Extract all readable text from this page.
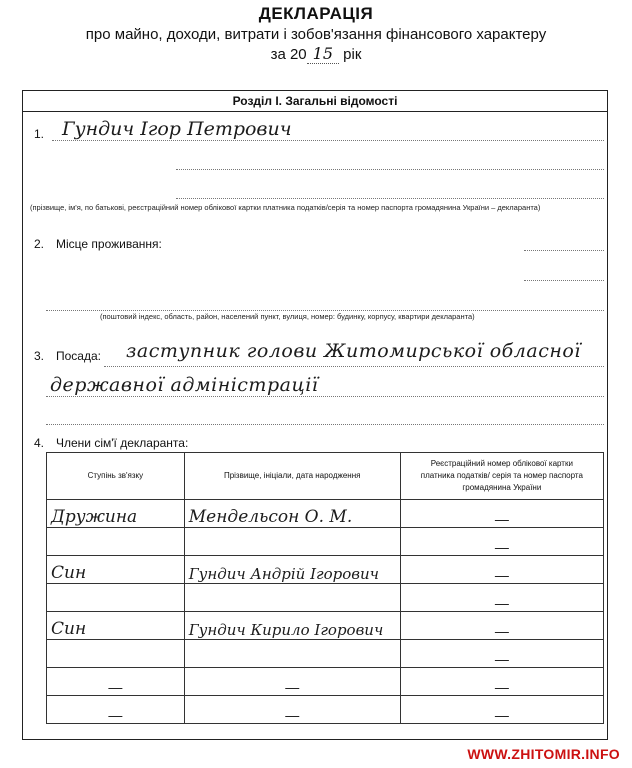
ДЕКЛАРАЦІЯ
про майно, доходи, витрати і зобов'язання фінансового характеру
за 20 15 рік
Розділ І. Загальні відомості
1. Гундич Ігор Петрович
(прізвище, ім'я, по батькові, реєстраційний номер облікової картки платника податків/серія та номер паспорта громадянина України – декларанта)
2. Місце проживання:
(поштовий індекс, область, район, населений пункт, вулиця, номер: будинку, корпусу, квартири декларанта)
3. Посада: заступник голови Житомирської обласної
державної адміністрації
4. Члени сім'ї декларанта:
Ступінь зв'язку	Прізвище, ініціали, дата народження	Реєстраційний номер облікової картки платника податків/ серія та номер паспорта громадянина України
Дружина	Мендельсон О. М.	—
		—
Син	Гундич Андрій Ігорович	—
		—
Син	Гундич Кирило Ігорович	—
		—
—	—	—
—	—	—
WWW.ZHITOMIR.INFO
